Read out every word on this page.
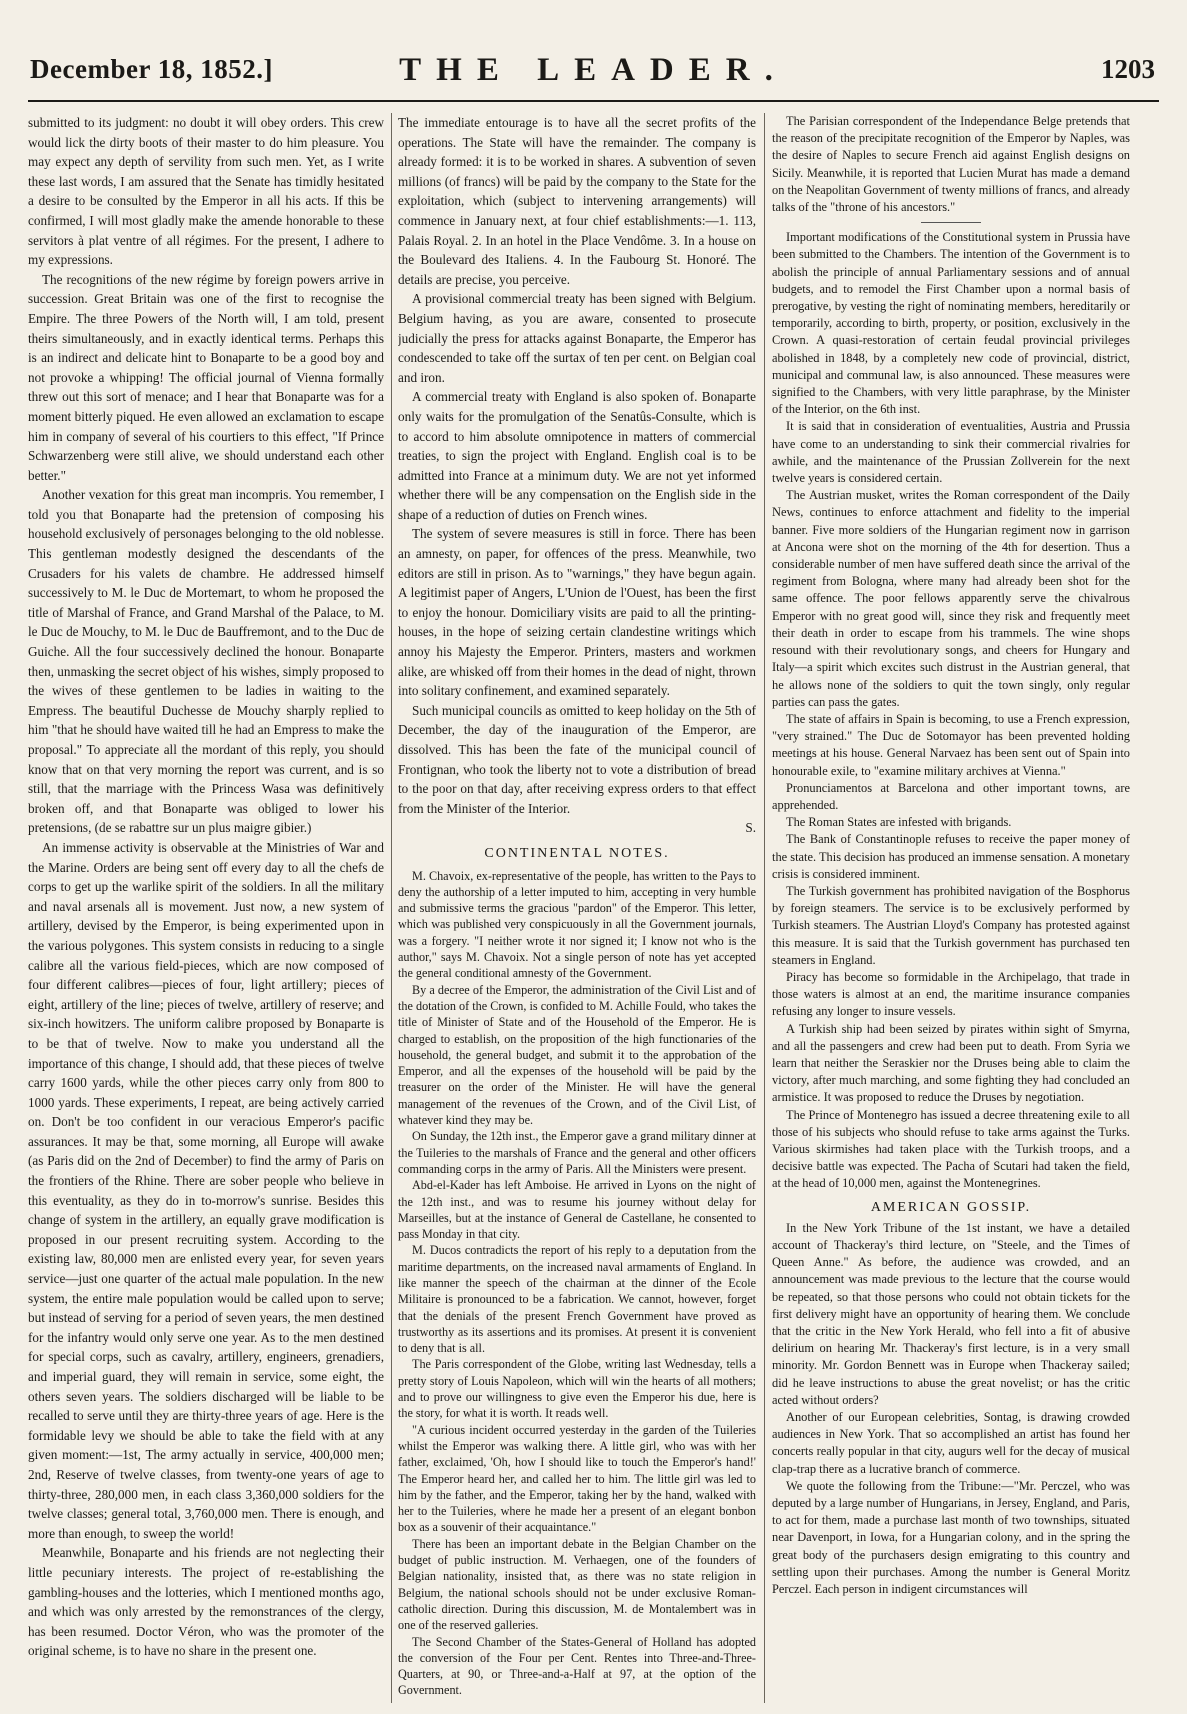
December 18, 1852.]	THE LEADER.	1203

submitted to its judgment: no doubt it will obey orders. This crew would lick the dirty boots of their master to do him pleasure. You may expect any depth of servility from such men. Yet, as I write these last words, I am assured that the Senate has timidly hesitated a desire to be consulted by the Emperor in all his acts. If this be confirmed, I will most gladly make the amende honorable to these servitors à plat ventre of all régimes. For the present, I adhere to my expressions.

The recognitions of the new régime by foreign powers arrive in succession. Great Britain was one of the first to recognise the Empire. The three Powers of the North will, I am told, present theirs simultaneously, and in exactly identical terms. Perhaps this is an indirect and delicate hint to Bonaparte to be a good boy and not provoke a whipping! The official journal of Vienna formally threw out this sort of menace; and I hear that Bonaparte was for a moment bitterly piqued. He even allowed an exclamation to escape him in company of several of his courtiers to this effect, "If Prince Schwarzenberg were still alive, we should understand each other better."

Another vexation for this great man incompris. You remember, I told you that Bonaparte had the pretension of composing his household exclusively of personages belonging to the old noblesse. This gentleman modestly designed the descendants of the Crusaders for his valets de chambre. He addressed himself successively to M. le Duc de Mortemart, to whom he proposed the title of Marshal of France, and Grand Marshal of the Palace, to M. le Duc de Mouchy, to M. le Duc de Bauffremont, and to the Duc de Guiche. All the four successively declined the honour. Bonaparte then, unmasking the secret object of his wishes, simply proposed to the wives of these gentlemen to be ladies in waiting to the Empress. The beautiful Duchesse de Mouchy sharply replied to him "that he should have waited till he had an Empress to make the proposal." To appreciate all the mordant of this reply, you should know that on that very morning the report was current, and is so still, that the marriage with the Princess Wasa was definitively broken off, and that Bonaparte was obliged to lower his pretensions, (de se rabattre sur un plus maigre gibier.)

An immense activity is observable at the Ministries of War and the Marine. Orders are being sent off every day to all the chefs de corps to get up the warlike spirit of the soldiers. In all the military and naval arsenals all is movement. Just now, a new system of artillery, devised by the Emperor, is being experimented upon in the various polygones. This system consists in reducing to a single calibre all the various field-pieces, which are now composed of four different calibres—pieces of four, light artillery; pieces of eight, artillery of the line; pieces of twelve, artillery of reserve; and six-inch howitzers. The uniform calibre proposed by Bonaparte is to be that of twelve. Now to make you understand all the importance of this change, I should add, that these pieces of twelve carry 1600 yards, while the other pieces carry only from 800 to 1000 yards. These experiments, I repeat, are being actively carried on. Don't be too confident in our veracious Emperor's pacific assurances. It may be that, some morning, all Europe will awake (as Paris did on the 2nd of December) to find the army of Paris on the frontiers of the Rhine. There are sober people who believe in this eventuality, as they do in to-morrow's sunrise. Besides this change of system in the artillery, an equally grave modification is proposed in our present recruiting system. According to the existing law, 80,000 men are enlisted every year, for seven years service—just one quarter of the actual male population. In the new system, the entire male population would be called upon to serve; but instead of serving for a period of seven years, the men destined for the infantry would only serve one year. As to the men destined for special corps, such as cavalry, artillery, engineers, grenadiers, and imperial guard, they will remain in service, some eight, the others seven years. The soldiers discharged will be liable to be recalled to serve until they are thirty-three years of age. Here is the formidable levy we should be able to take the field with at any given moment:—1st, The army actually in service, 400,000 men; 2nd, Reserve of twelve classes, from twenty-one years of age to thirty-three, 280,000 men, in each class 3,360,000 soldiers for the twelve classes; general total, 3,760,000 men. There is enough, and more than enough, to sweep the world!

Meanwhile, Bonaparte and his friends are not neglecting their little pecuniary interests. The project of re-establishing the gambling-houses and the lotteries, which I mentioned months ago, and which was only arrested by the remonstrances of the clergy, has been resumed. Doctor Véron, who was the promoter of the original scheme, is to have no share in the present one.

The immediate entourage is to have all the secret profits of the operations. The State will have the remainder. The company is already formed: it is to be worked in shares. A subvention of seven millions (of francs) will be paid by the company to the State for the exploitation, which (subject to intervening arrangements) will commence in January next, at four chief establishments:—1. 113, Palais Royal. 2. In an hotel in the Place Vendôme. 3. In a house on the Boulevard des Italiens. 4. In the Faubourg St. Honoré. The details are precise, you perceive.

A provisional commercial treaty has been signed with Belgium. Belgium having, as you are aware, consented to prosecute judicially the press for attacks against Bonaparte, the Emperor has condescended to take off the surtax of ten per cent. on Belgian coal and iron.

A commercial treaty with England is also spoken of. Bonaparte only waits for the promulgation of the Senatûs-Consulte, which is to accord to him absolute omnipotence in matters of commercial treaties, to sign the project with England. English coal is to be admitted into France at a minimum duty. We are not yet informed whether there will be any compensation on the English side in the shape of a reduction of duties on French wines.

The system of severe measures is still in force. There has been an amnesty, on paper, for offences of the press. Meanwhile, two editors are still in prison. As to "warnings," they have begun again. A legitimist paper of Angers, L'Union de l'Ouest, has been the first to enjoy the honour. Domiciliary visits are paid to all the printing-houses, in the hope of seizing certain clandestine writings which annoy his Majesty the Emperor. Printers, masters and workmen alike, are whisked off from their homes in the dead of night, thrown into solitary confinement, and examined separately.

Such municipal councils as omitted to keep holiday on the 5th of December, the day of the inauguration of the Emperor, are dissolved. This has been the fate of the municipal council of Frontignan, who took the liberty not to vote a distribution of bread to the poor on that day, after receiving express orders to that effect from the Minister of the Interior.

S.
CONTINENTAL NOTES.

M. Chavoix, ex-representative of the people, has written to the Pays to deny the authorship of a letter imputed to him, accepting in very humble and submissive terms the gracious "pardon" of the Emperor. This letter, which was published very conspicuously in all the Government journals, was a forgery. "I neither wrote it nor signed it; I know not who is the author," says M. Chavoix. Not a single person of note has yet accepted the general conditional amnesty of the Government.

By a decree of the Emperor, the administration of the Civil List and of the dotation of the Crown, is confided to M. Achille Fould, who takes the title of Minister of State and of the Household of the Emperor. He is charged to establish, on the proposition of the high functionaries of the household, the general budget, and submit it to the approbation of the Emperor, and all the expenses of the household will be paid by the treasurer on the order of the Minister. He will have the general management of the revenues of the Crown, and of the Civil List, of whatever kind they may be.

On Sunday, the 12th inst., the Emperor gave a grand military dinner at the Tuileries to the marshals of France and the general and other officers commanding corps in the army of Paris. All the Ministers were present.

Abd-el-Kader has left Amboise. He arrived in Lyons on the night of the 12th inst., and was to resume his journey without delay for Marseilles, but at the instance of General de Castellane, he consented to pass Monday in that city.

M. Ducos contradicts the report of his reply to a deputation from the maritime departments, on the increased naval armaments of England. In like manner the speech of the chairman at the dinner of the Ecole Militaire is pronounced to be a fabrication. We cannot, however, forget that the denials of the present French Government have proved as trustworthy as its assertions and its promises. At present it is convenient to deny that is all.

The Paris correspondent of the Globe, writing last Wednesday, tells a pretty story of Louis Napoleon, which will win the hearts of all mothers; and to prove our willingness to give even the Emperor his due, here is the story, for what it is worth. It reads well.

"A curious incident occurred yesterday in the garden of the Tuileries whilst the Emperor was walking there. A little girl, who was with her father, exclaimed, 'Oh, how I should like to touch the Emperor's hand!' The Emperor heard her, and called her to him. The little girl was led to him by the father, and the Emperor, taking her by the hand, walked with her to the Tuileries, where he made her a present of an elegant bonbon box as a souvenir of their acquaintance."

There has been an important debate in the Belgian Chamber on the budget of public instruction. M. Verhaegen, one of the founders of Belgian nationality, insisted that, as there was no state religion in Belgium, the national schools should not be under exclusive Roman-catholic direction. During this discussion, M. de Montalembert was in one of the reserved galleries.

The Second Chamber of the States-General of Holland has adopted the conversion of the Four per Cent. Rentes into Three-and-Three-Quarters, at 90, or Three-and-a-Half at 97, at the option of the Government.

The Parisian correspondent of the Independance Belge pretends that the reason of the precipitate recognition of the Emperor by Naples, was the desire of Naples to secure French aid against English designs on Sicily. Meanwhile, it is reported that Lucien Murat has made a demand on the Neapolitan Government of twenty millions of francs, and already talks of the "throne of his ancestors."

Important modifications of the Constitutional system in Prussia have been submitted to the Chambers. The intention of the Government is to abolish the principle of annual Parliamentary sessions and of annual budgets, and to remodel the First Chamber upon a normal basis of prerogative, by vesting the right of nominating members, hereditarily or temporarily, according to birth, property, or position, exclusively in the Crown. A quasi-restoration of certain feudal provincial privileges abolished in 1848, by a completely new code of provincial, district, municipal and communal law, is also announced. These measures were signified to the Chambers, with very little paraphrase, by the Minister of the Interior, on the 6th inst.

It is said that in consideration of eventualities, Austria and Prussia have come to an understanding to sink their commercial rivalries for awhile, and the maintenance of the Prussian Zollverein for the next twelve years is considered certain.

The Austrian musket, writes the Roman correspondent of the Daily News, continues to enforce attachment and fidelity to the imperial banner. Five more soldiers of the Hungarian regiment now in garrison at Ancona were shot on the morning of the 4th for desertion. Thus a considerable number of men have suffered death since the arrival of the regiment from Bologna, where many had already been shot for the same offence. The poor fellows apparently serve the chivalrous Emperor with no great good will, since they risk and frequently meet their death in order to escape from his trammels. The wine shops resound with their revolutionary songs, and cheers for Hungary and Italy—a spirit which excites such distrust in the Austrian general, that he allows none of the soldiers to quit the town singly, only regular parties can pass the gates.

The state of affairs in Spain is becoming, to use a French expression, "very strained." The Duc de Sotomayor has been prevented holding meetings at his house. General Narvaez has been sent out of Spain into honourable exile, to "examine military archives at Vienna."

Pronunciamentos at Barcelona and other important towns, are apprehended.

The Roman States are infested with brigands.

The Bank of Constantinople refuses to receive the paper money of the state. This decision has produced an immense sensation. A monetary crisis is considered imminent.

The Turkish government has prohibited navigation of the Bosphorus by foreign steamers. The service is to be exclusively performed by Turkish steamers. The Austrian Lloyd's Company has protested against this measure. It is said that the Turkish government has purchased ten steamers in England.

Piracy has become so formidable in the Archipelago, that trade in those waters is almost at an end, the maritime insurance companies refusing any longer to insure vessels.

A Turkish ship had been seized by pirates within sight of Smyrna, and all the passengers and crew had been put to death. From Syria we learn that neither the Seraskier nor the Druses being able to claim the victory, after much marching, and some fighting they had concluded an armistice. It was proposed to reduce the Druses by negotiation.

The Prince of Montenegro has issued a decree threatening exile to all those of his subjects who should refuse to take arms against the Turks. Various skirmishes had taken place with the Turkish troops, and a decisive battle was expected. The Pacha of Scutari had taken the field, at the head of 10,000 men, against the Montenegrines.

AMERICAN GOSSIP.

In the New York Tribune of the 1st instant, we have a detailed account of Thackeray's third lecture, on "Steele, and the Times of Queen Anne." As before, the audience was crowded, and an announcement was made previous to the lecture that the course would be repeated, so that those persons who could not obtain tickets for the first delivery might have an opportunity of hearing them. We conclude that the critic in the New York Herald, who fell into a fit of abusive delirium on hearing Mr. Thackeray's first lecture, is in a very small minority. Mr. Gordon Bennett was in Europe when Thackeray sailed; did he leave instructions to abuse the great novelist; or has the critic acted without orders?

Another of our European celebrities, Sontag, is drawing crowded audiences in New York. That so accomplished an artist has found her concerts really popular in that city, augurs well for the decay of musical clap-trap there as a lucrative branch of commerce.

We quote the following from the Tribune:—"Mr. Perczel, who was deputed by a large number of Hungarians, in Jersey, England, and Paris, to act for them, made a purchase last month of two townships, situated near Davenport, in Iowa, for a Hungarian colony, and in the spring the great body of the purchasers design emigrating to this country and settling upon their purchases. Among the number is General Moritz Perczel. Each person in indigent circumstances will
